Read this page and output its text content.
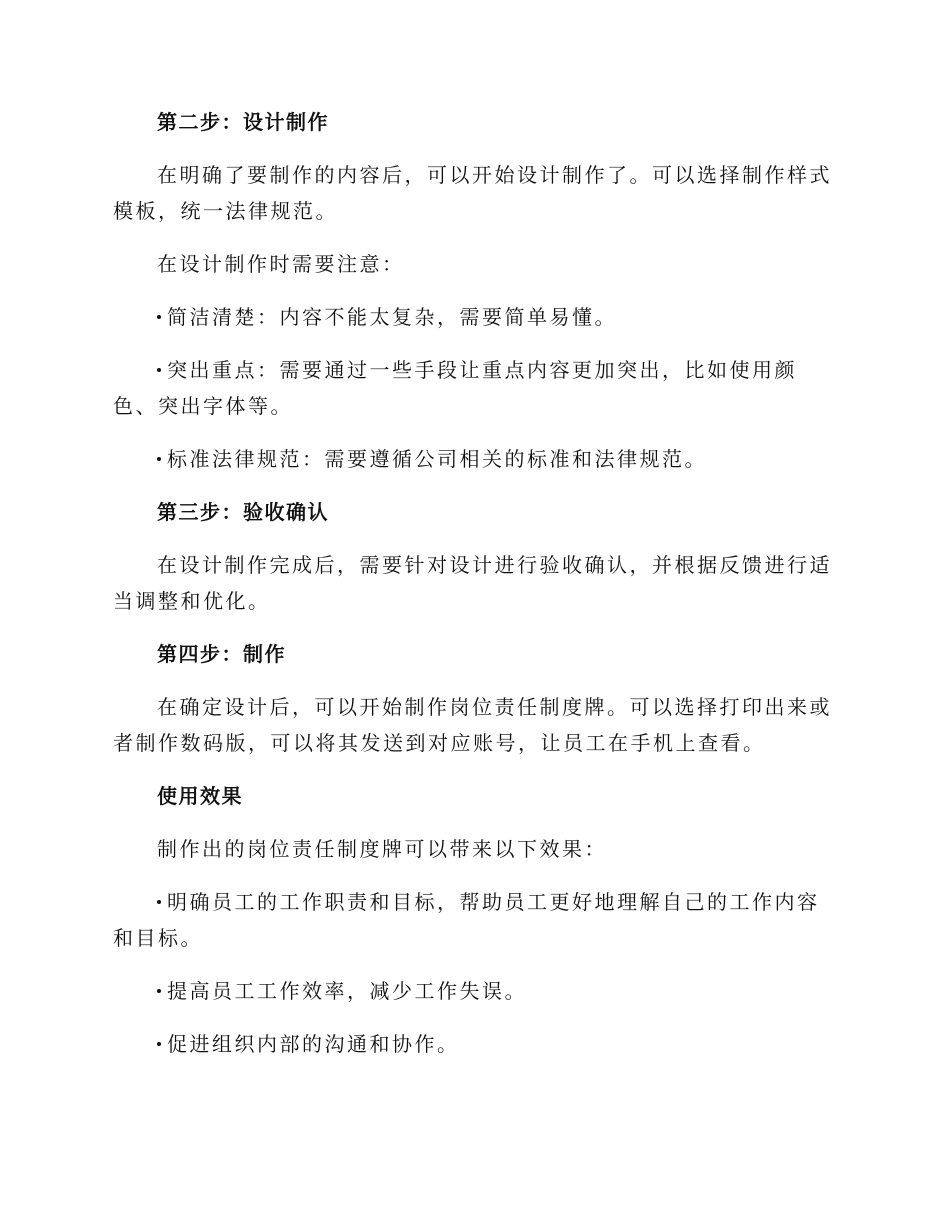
第二步：设计制作
在明确了要制作的内容后，可以开始设计制作了。可以选择制作样式模板，统一法律规范。
在设计制作时需要注意：
简洁清楚：内容不能太复杂，需要简单易懂。
突出重点：需要通过一些手段让重点内容更加突出，比如使用颜色、突出字体等。
标准法律规范：需要遵循公司相关的标准和法律规范。
第三步：验收确认
在设计制作完成后，需要针对设计进行验收确认，并根据反馈进行适当调整和优化。
第四步：制作
在确定设计后，可以开始制作岗位责任制度牌。可以选择打印出来或者制作数码版，可以将其发送到对应账号，让员工在手机上查看。
使用效果
制作出的岗位责任制度牌可以带来以下效果：
明确员工的工作职责和目标，帮助员工更好地理解自己的工作内容和目标。
提高员工工作效率，减少工作失误。
促进组织内部的沟通和协作。
